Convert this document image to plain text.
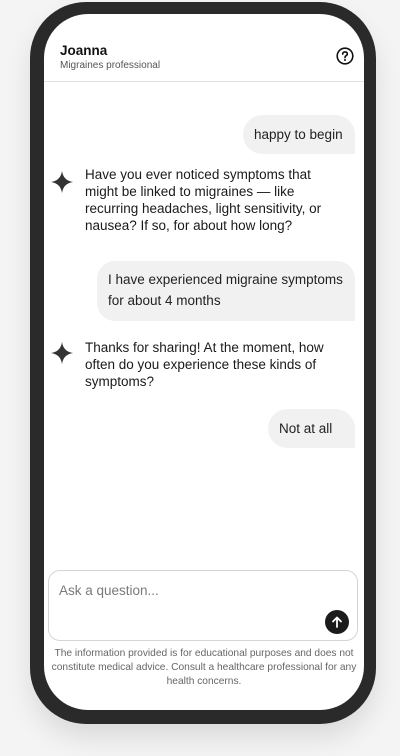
Joanna
Migraines professional
happy to begin
Have you ever noticed symptoms that might be linked to migraines — like recurring headaches, light sensitivity, or nausea? If so, for about how long?
I have experienced migraine symptoms for about 4 months
Thanks for sharing! At the moment, how often do you experience these kinds of symptoms?
Not at all
Ask a question...
The information provided is for educational purposes and does not constitute medical advice. Consult a healthcare professional for any health concerns.
